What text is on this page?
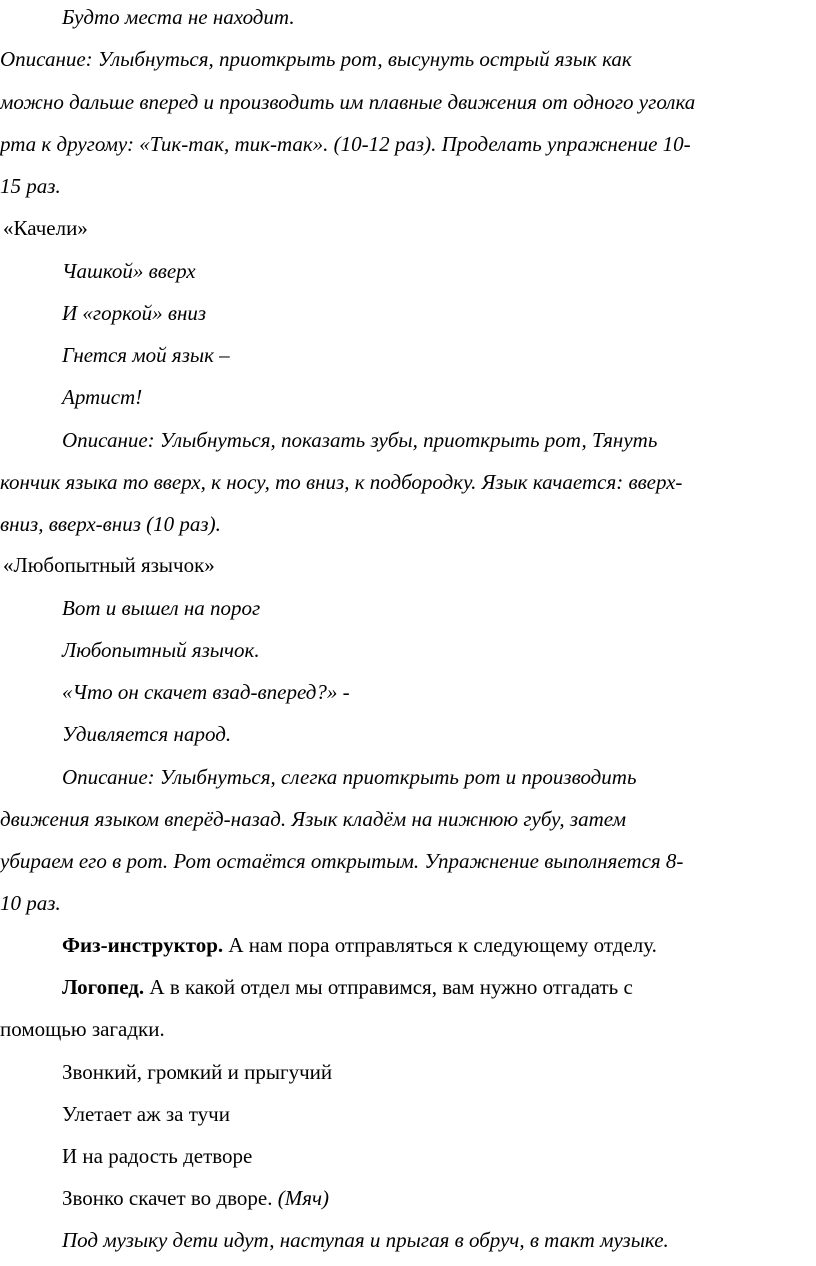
Будто места не находит.
Описание: Улыбнуться, приоткрыть рот, высунуть острый язык как
можно дальше вперед и производить им плавные движения от одного уголка
рта к другому: «Тик-так, тик-так». (10-12 раз). Проделать упражнение 10-
15 раз.
«Качели»
Чашкой» вверх
И «горкой» вниз
Гнется мой язык –
Артист!
Описание: Улыбнуться, показать зубы, приоткрыть рот, Тянуть
кончик языка то вверх, к носу, то вниз, к подбородку. Язык качается: вверх-
вниз, вверх-вниз (10 раз).
«Любопытный язычок»
Вот и вышел на порог
Любопытный язычок.
«Что он скачет взад-вперед?» -
Удивляется народ.
Описание: Улыбнуться, слегка приоткрыть рот и производить
движения языком вперёд-назад. Язык кладём на нижнюю губу, затем
убираем его в рот. Рот остаётся открытым. Упражнение выполняется 8-
10 раз.
Физ-инструктор. А нам пора отправляться к следующему отделу.
Логопед. А в какой отдел мы отправимся, вам нужно отгадать с
помощью загадки.
Звонкий, громкий и прыгучий
Улетает аж за тучи
И на радость детворе
Звонко скачет во дворе. (Мяч)
Под музыку дети идут, наступая и прыгая в обруч, в такт музыке.
